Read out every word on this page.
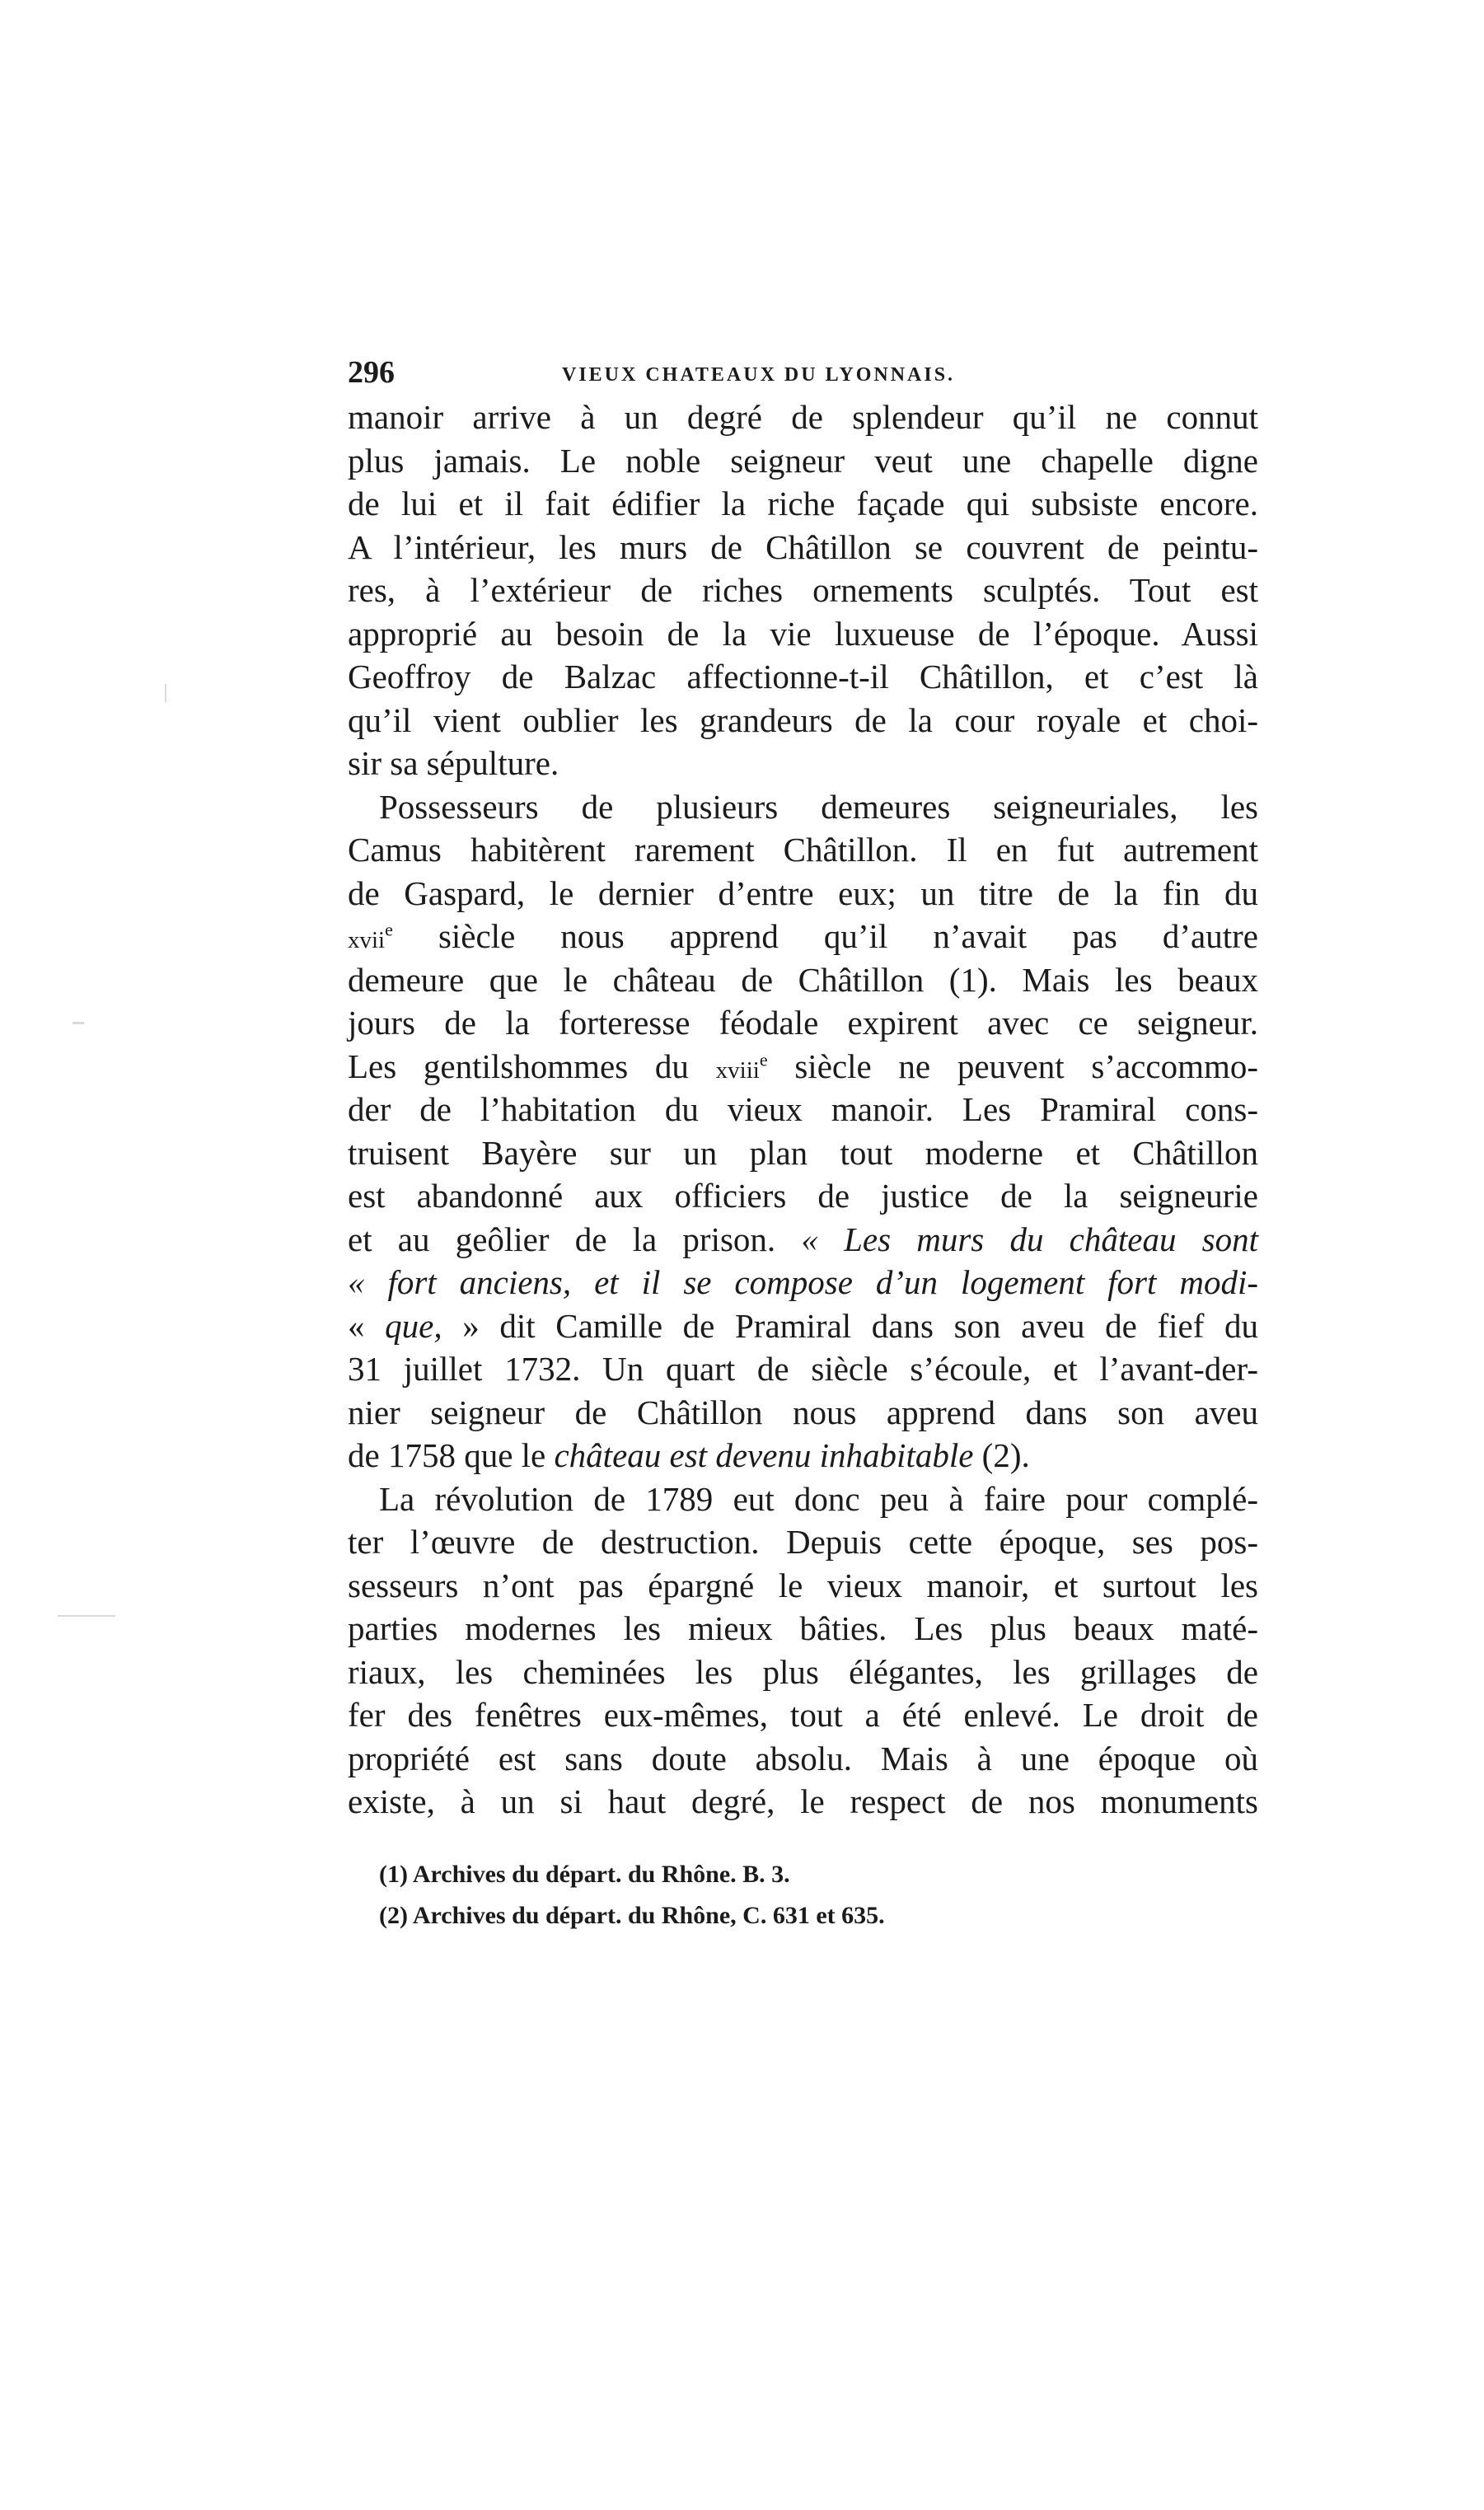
296	VIEUX CHATEAUX DU LYONNAIS.
manoir arrive à un degré de splendeur qu’il ne connut
plus jamais. Le noble seigneur veut une chapelle digne
de lui et il fait édifier la riche façade qui subsiste encore.
A l’intérieur, les murs de Châtillon se couvrent de peintu-
res, à l’extérieur de riches ornements sculptés. Tout est
approprié au besoin de la vie luxueuse de l’époque. Aussi
Geoffroy de Balzac affectionne-t-il Châtillon, et c’est là
qu’il vient oublier les grandeurs de la cour royale et choi-
sir sa sépulture.
Possesseurs de plusieurs demeures seigneuriales, les
Camus habitèrent rarement Châtillon. Il en fut autrement
de Gaspard, le dernier d’entre eux; un titre de la fin du
xvii$^e$ siècle nous apprend qu’il n’avait pas d’autre
demeure que le château de Châtillon (1). Mais les beaux
jours de la forteresse féodale expirent avec ce seigneur.
Les gentilshommes du xviii$^e$ siècle ne peuvent s’accommo-
der de l’habitation du vieux manoir. Les Pramiral cons-
truisent Bayère sur un plan tout moderne et Châtillon
est abandonné aux officiers de justice de la seigneurie
et au geôlier de la prison. « Les murs du château sont
« fort anciens, et il se compose d’un logement fort modi-
« que, » dit Camille de Pramiral dans son aveu de fief du
31 juillet 1732. Un quart de siècle s’écoule, et l’avant-der-
nier seigneur de Châtillon nous apprend dans son aveu
de 1758 que le château est devenu inhabitable (2).
La révolution de 1789 eut donc peu à faire pour complé-
ter l’œuvre de destruction. Depuis cette époque, ses pos-
sesseurs n’ont pas épargné le vieux manoir, et surtout les
parties modernes les mieux bâties. Les plus beaux maté-
riaux, les cheminées les plus élégantes, les grillages de
fer des fenêtres eux-mêmes, tout a été enlevé. Le droit de
propriété est sans doute absolu. Mais à une époque où
existe, à un si haut degré, le respect de nos monuments
(1) Archives du départ. du Rhône. B. 3.
(2) Archives du départ. du Rhône, C. 631 et 635.
